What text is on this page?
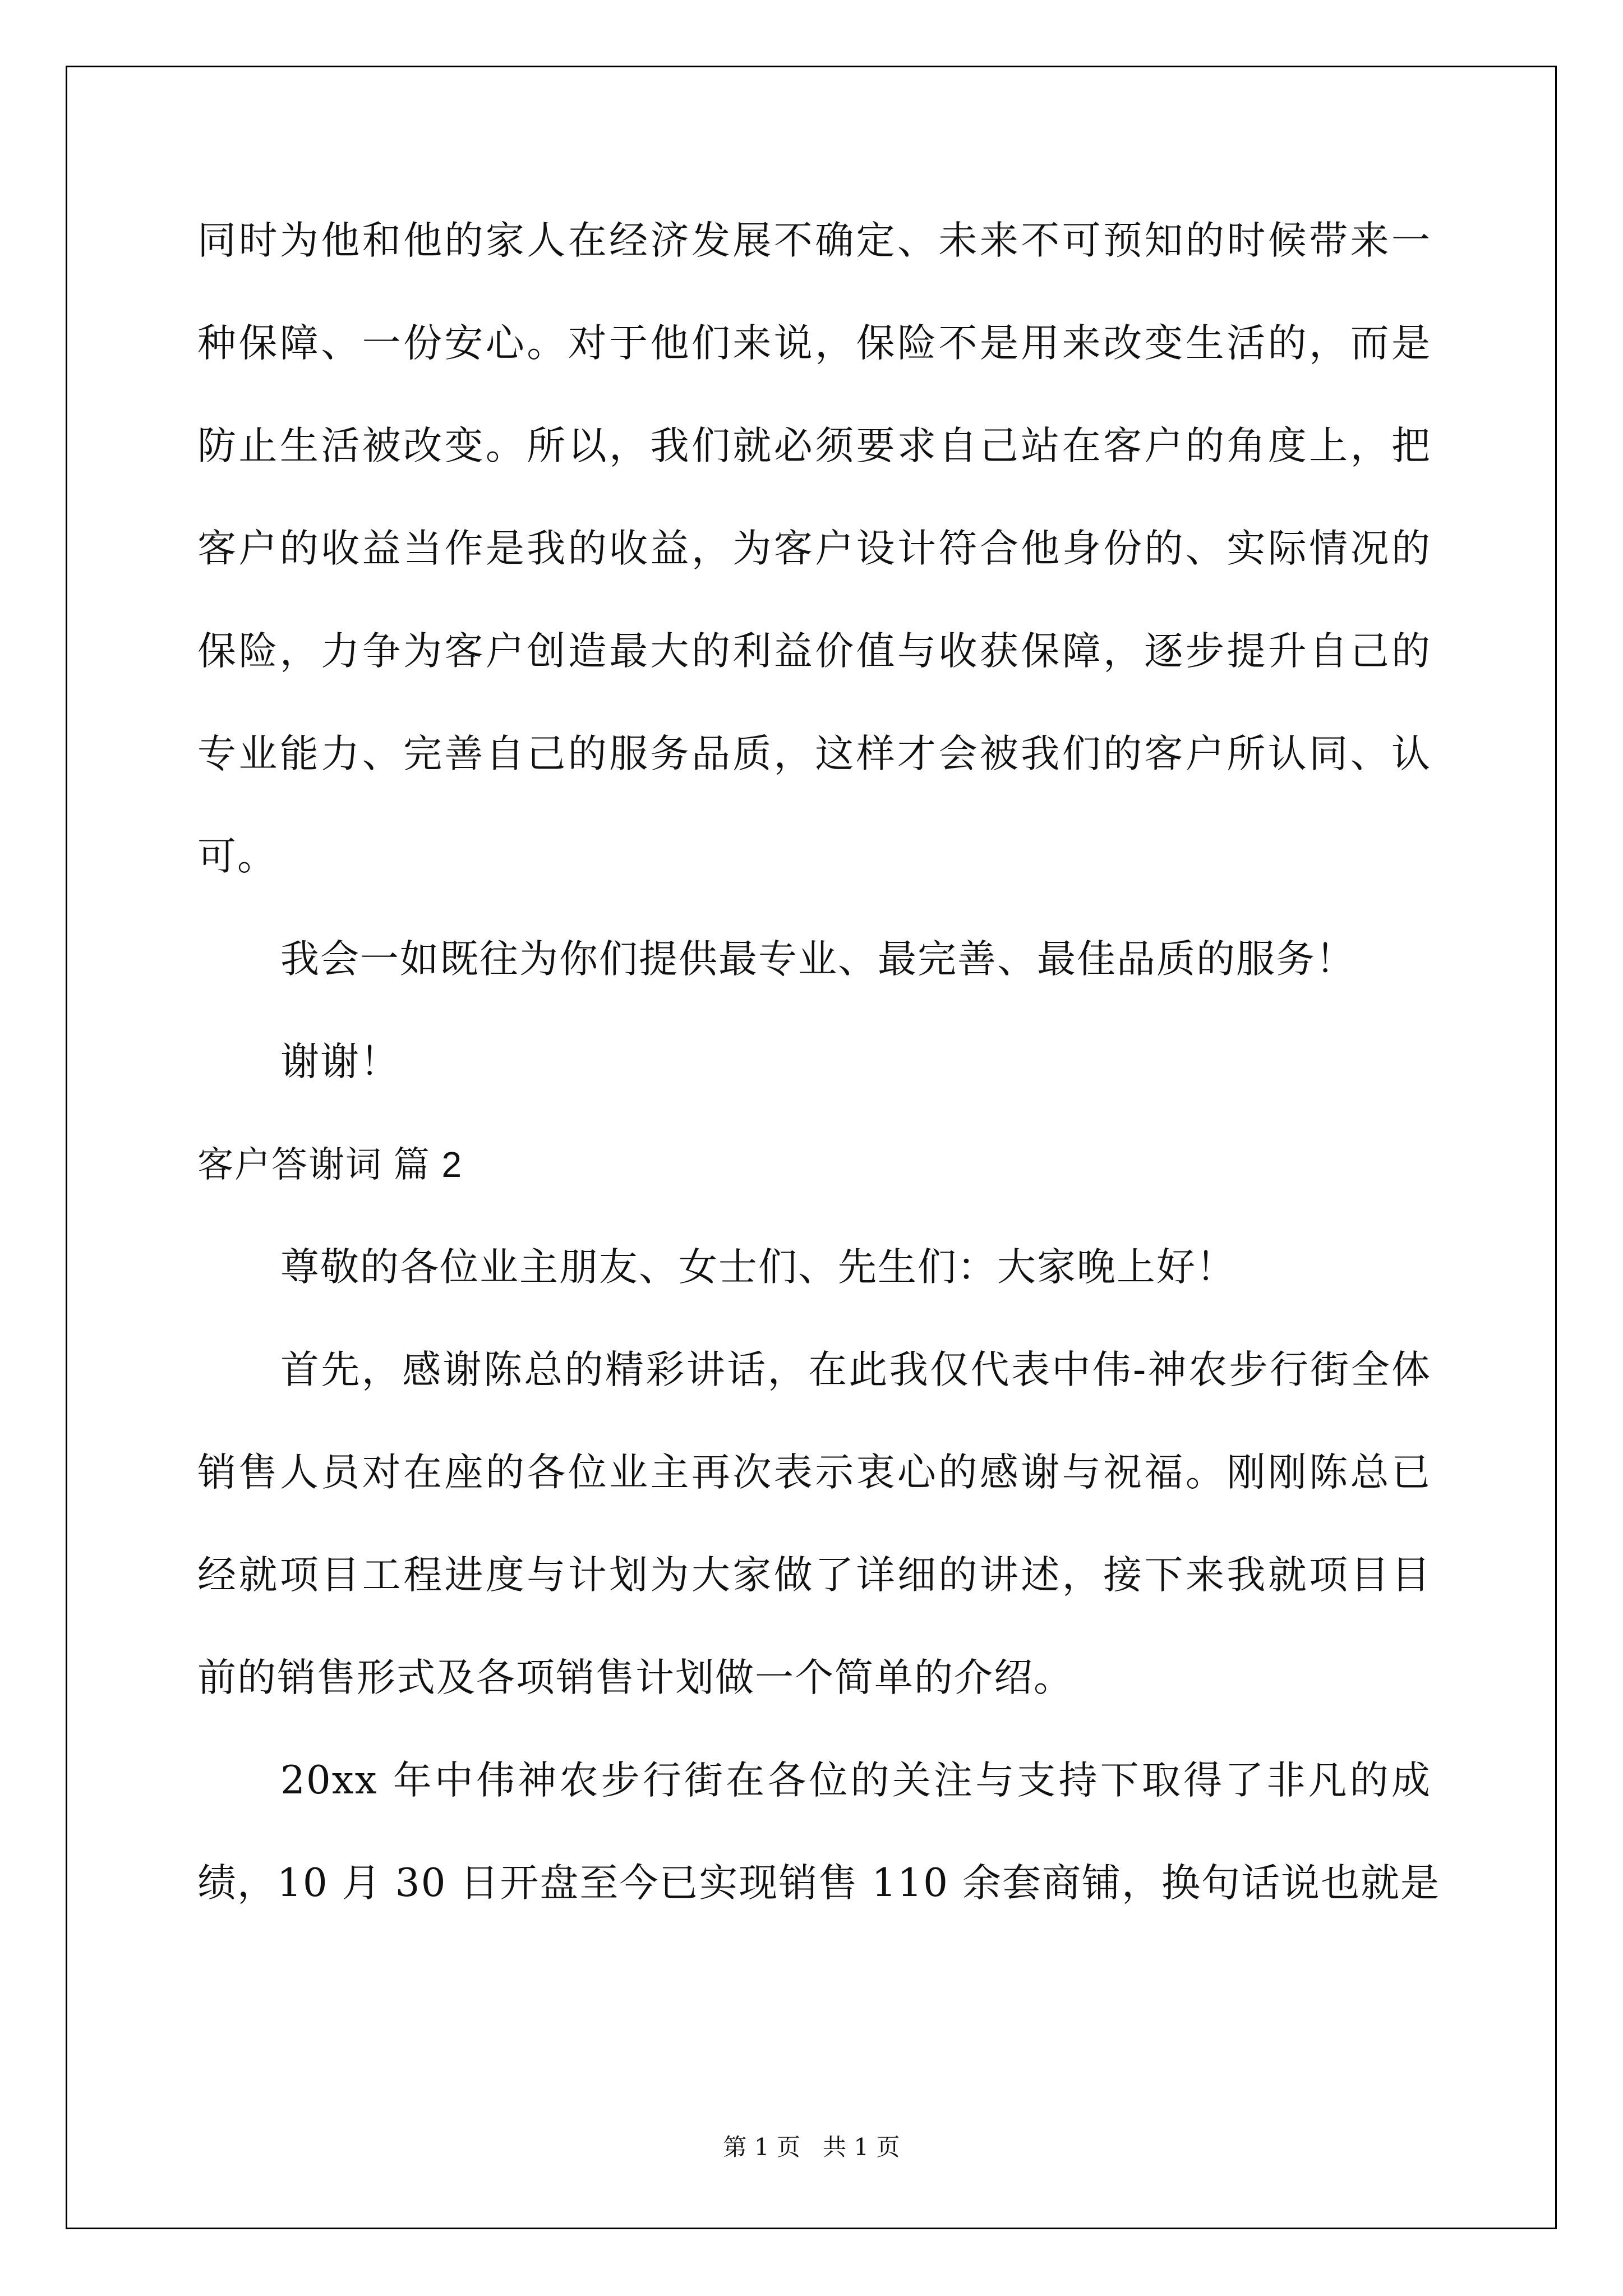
同时为他和他的家人在经济发展不确定、未来不可预知的时候带来一
种保障、一份安心。对于他们来说，保险不是用来改变生活的，而是
防止生活被改变。所以，我们就必须要求自己站在客户的角度上，把
客户的收益当作是我的收益，为客户设计符合他身份的、实际情况的
保险，力争为客户创造最大的利益价值与收获保障，逐步提升自己的
专业能力、完善自己的服务品质，这样才会被我们的客户所认同、认
可。
我会一如既往为你们提供最专业、最完善、最佳品质的服务！
谢谢！
客户答谢词 篇 2
尊敬的各位业主朋友、女士们、先生们：大家晚上好！
首先，感谢陈总的精彩讲话，在此我仅代表中伟-神农步行街全体
销售人员对在座的各位业主再次表示衷心的感谢与祝福。刚刚陈总已
经就项目工程进度与计划为大家做了详细的讲述，接下来我就项目目
前的销售形式及各项销售计划做一个简单的介绍。
20xx 年中伟神农步行街在各位的关注与支持下取得了非凡的成
绩，10 月 30 日开盘至今已实现销售 110 余套商铺，换句话说也就是
第 1 页   共 1 页
